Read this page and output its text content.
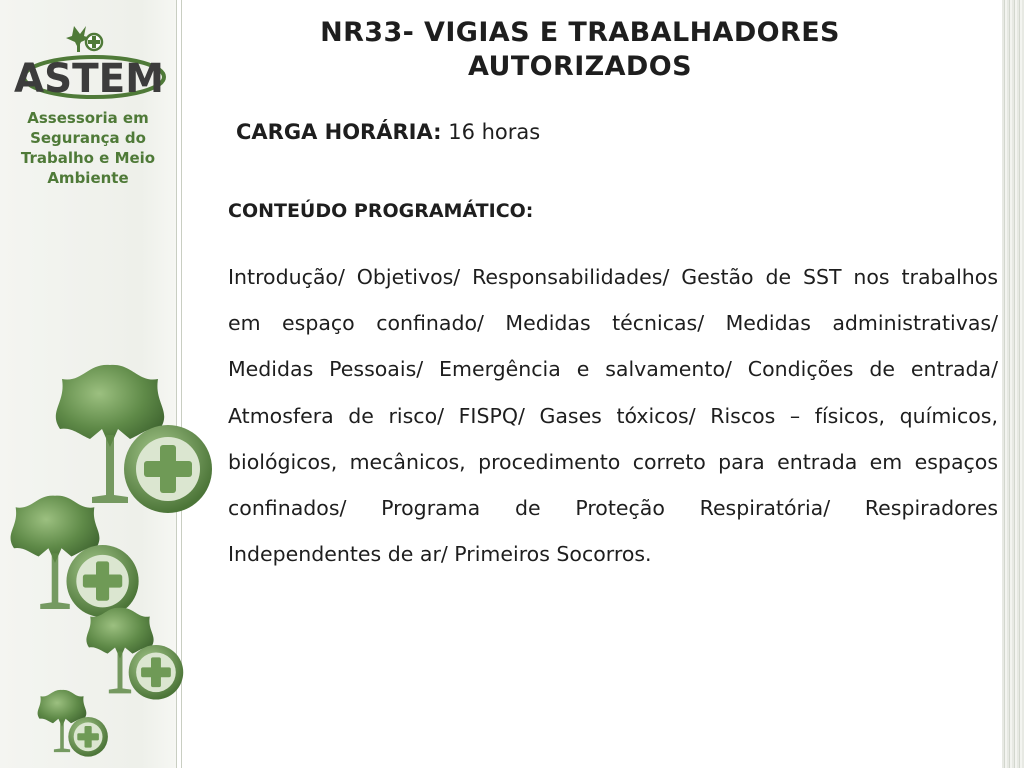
ASTEM
Assessoria em
Segurança do
Trabalho e Meio
Ambiente
NR33- VIGIAS E TRABALHADORES
AUTORIZADOS
CARGA HORÁRIA: 16 horas
CONTEÚDO PROGRAMÁTICO:

Introdução/ Objetivos/ Responsabilidades/ Gestão de SST nos trabalhos em espaço confinado/ Medidas técnicas/ Medidas administrativas/ Medidas Pessoais/ Emergência e salvamento/ Condições de entrada/ Atmosfera de risco/ FISPQ/ Gases tóxicos/ Riscos – físicos, químicos, biológicos, mecânicos, procedimento correto para entrada em espaços confinados/ Programa de Proteção Respiratória/ Respiradores Independentes de ar/ Primeiros Socorros.
